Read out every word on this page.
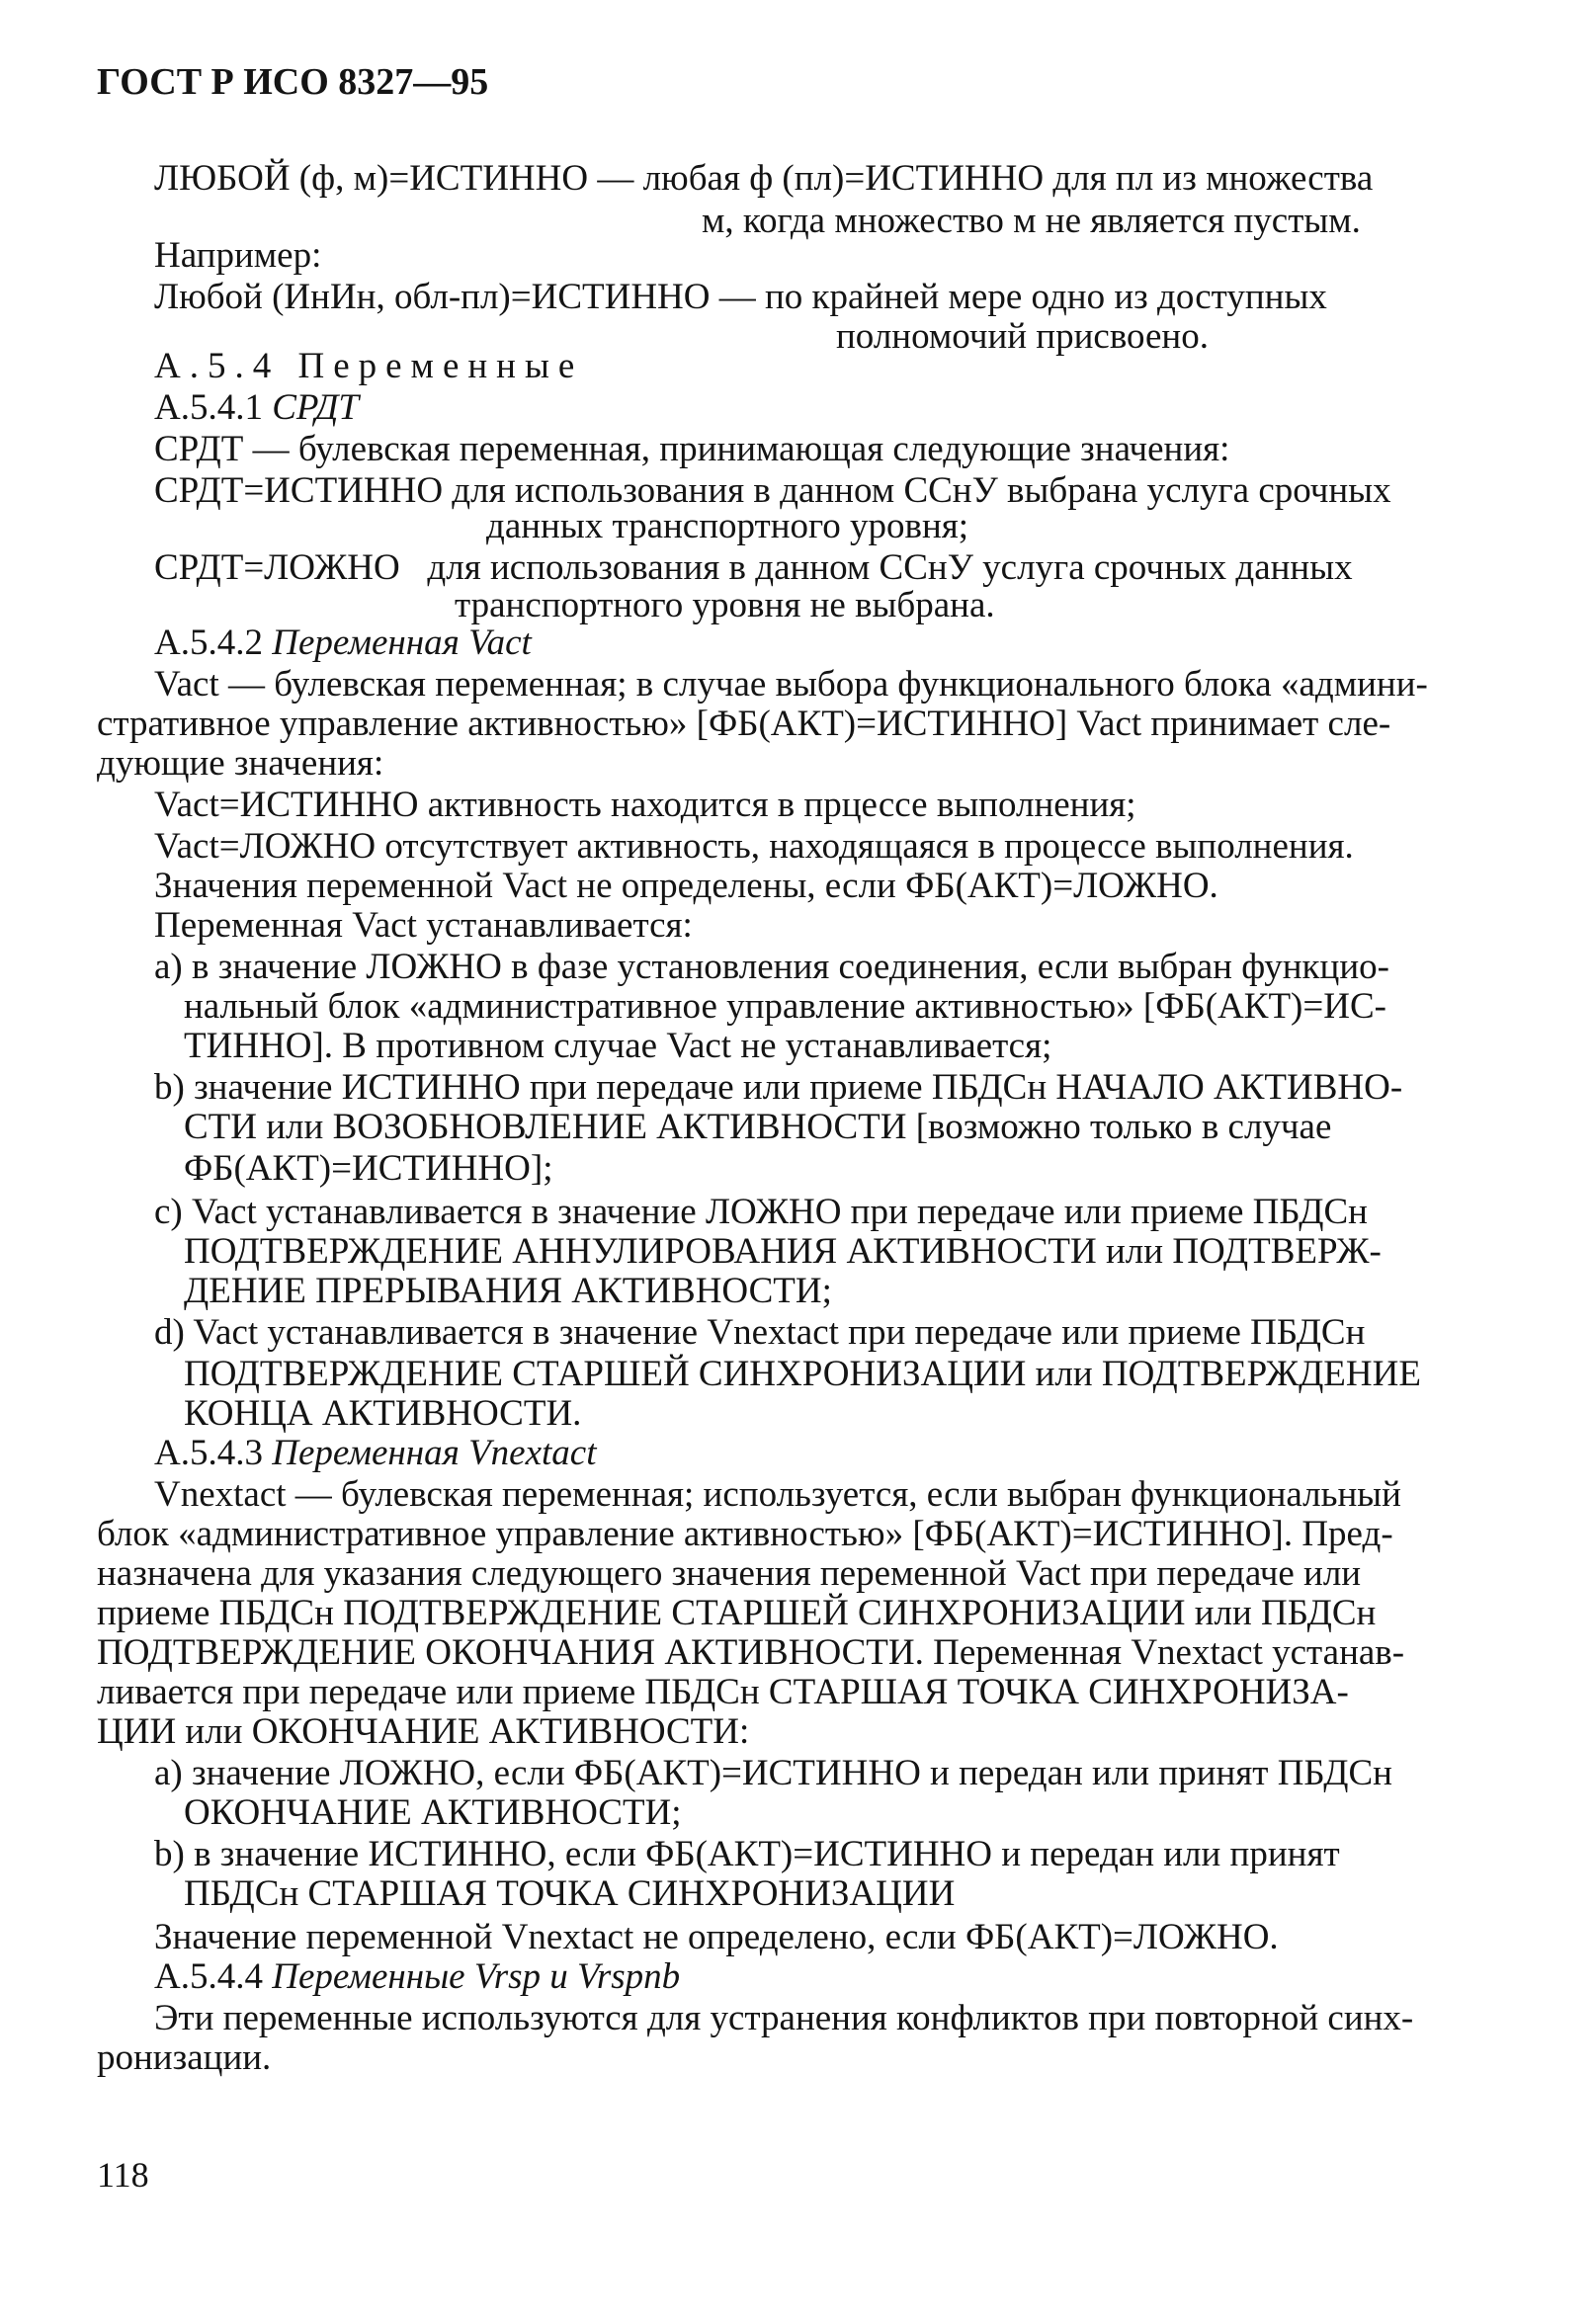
ГОСТ Р ИСО 8327—95
ЛЮБОЙ (ф, м)=ИСТИННО — любая ф (пл)=ИСТИННО для пл из множества
м, когда множество м не является пустым.
Например:
Любой (ИнИн, обл-пл)=ИСТИННО — по крайней мере одно из доступных
полномочий присвоено.
А.5.4 Переменные
А.5.4.1 СРДТ
СРДТ — булевская переменная, принимающая следующие значения:
СРДТ=ИСТИННО для использования в данном ССнУ выбрана услуга срочных
данных транспортного уровня;
СРДТ=ЛОЖНО   для использования в данном ССнУ услуга срочных данных
транспортного уровня не выбрана.
А.5.4.2 Переменная Vact
Vact — булевская переменная; в случае выбора функционального блока «админи-
стративное управление активностью» [ФБ(АКТ)=ИСТИННО] Vact принимает сле-
дующие значения:
Vact=ИСТИННО активность находится в прцессе выполнения;
Vact=ЛОЖНО отсутствует активность, находящаяся в процессе выполнения.
Значения переменной Vact не определены, если ФБ(АКТ)=ЛОЖНО.
Переменная Vact устанавливается:
а) в значение ЛОЖНО в фазе установления соединения, если выбран функцио-
нальный блок «административное управление активностью» [ФБ(АКТ)=ИС-
ТИННО]. В противном случае Vact не устанавливается;
b) значение ИСТИННО при передаче или приеме ПБДСн НАЧАЛО АКТИВНО-
СТИ или ВОЗОБНОВЛЕНИЕ АКТИВНОСТИ [возможно только в случае
ФБ(АКТ)=ИСТИННО];
с) Vact устанавливается в значение ЛОЖНО при передаче или приеме ПБДСн
ПОДТВЕРЖДЕНИЕ АННУЛИРОВАНИЯ АКТИВНОСТИ или ПОДТВЕРЖ-
ДЕНИЕ ПРЕРЫВАНИЯ АКТИВНОСТИ;
d) Vact устанавливается в значение Vnextact при передаче или приеме ПБДСн
ПОДТВЕРЖДЕНИЕ СТАРШЕЙ СИНХРОНИЗАЦИИ или ПОДТВЕРЖДЕНИЕ
КОНЦА АКТИВНОСТИ.
А.5.4.3 Переменная Vnextact
Vnextact — булевская переменная; используется, если выбран функциональный
блок «административное управление активностью» [ФБ(АКТ)=ИСТИННО]. Пред-
назначена для указания следующего значения переменной Vact при передаче или
приеме ПБДСн ПОДТВЕРЖДЕНИЕ СТАРШЕЙ СИНХРОНИЗАЦИИ или ПБДСн
ПОДТВЕРЖДЕНИЕ ОКОНЧАНИЯ АКТИВНОСТИ. Переменная Vnextact устанав-
ливается при передаче или приеме ПБДСн СТАРШАЯ ТОЧКА СИНХРОНИЗА-
ЦИИ или ОКОНЧАНИЕ АКТИВНОСТИ:
а) значение ЛОЖНО, если ФБ(АКТ)=ИСТИННО и передан или принят ПБДСн
ОКОНЧАНИЕ АКТИВНОСТИ;
b) в значение ИСТИННО, если ФБ(АКТ)=ИСТИННО и передан или принят
ПБДСн СТАРШАЯ ТОЧКА СИНХРОНИЗАЦИИ
Значение переменной Vnextact не определено, если ФБ(АКТ)=ЛОЖНО.
А.5.4.4 Переменные Vrsp и Vrspnb
Эти переменные используются для устранения конфликтов при повторной синх-
ронизации.
118
